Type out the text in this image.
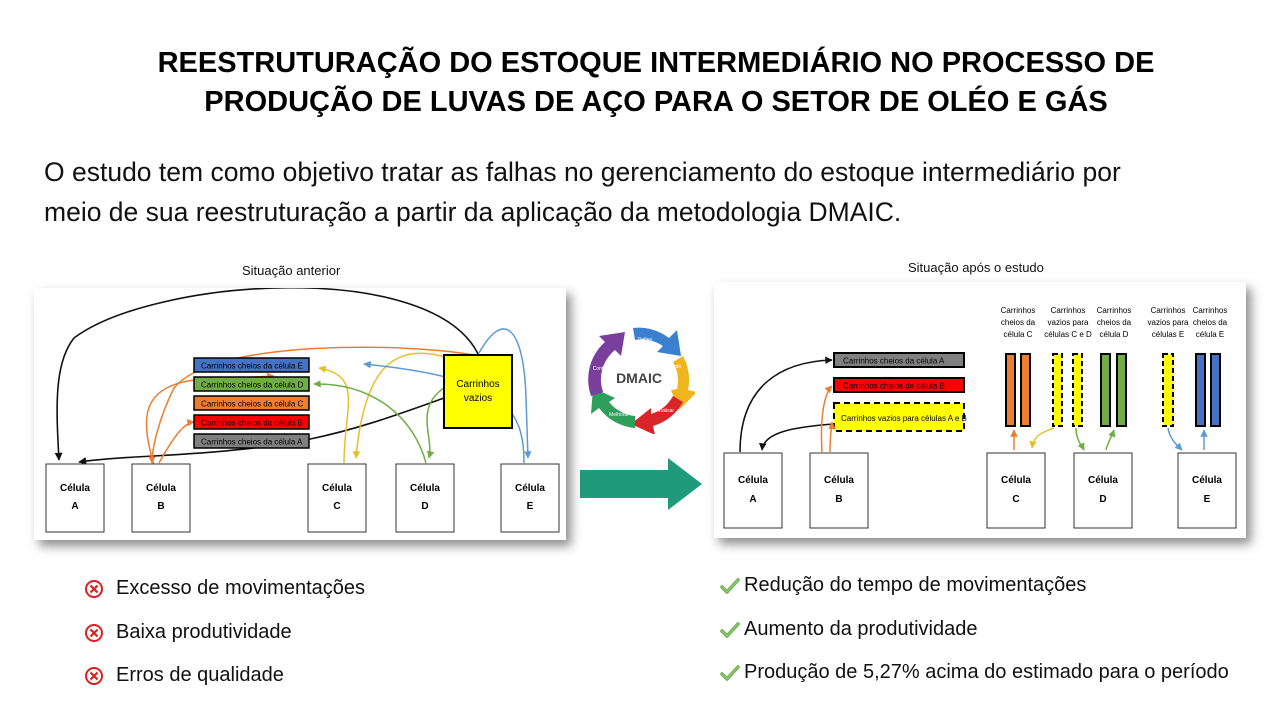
REESTRUTURAÇÃO DO ESTOQUE INTERMEDIÁRIO NO PROCESSO DE
PRODUÇÃO DE LUVAS DE AÇO PARA O SETOR DE OLÉO E GÁS
O estudo tem como objetivo tratar as falhas no gerenciamento do estoque intermediário por
meio de sua reestruturação a partir da aplicação da metodologia DMAIC.
Situação anterior	Situação após o estudo
Carrinhos cheios da célula E
Carrinhos cheios da célula D
Carrinhos cheios da célula C
Carrinhos cheios da célula B
Carrinhos cheios da célula A
Carrinhos
vazios
Célula
A
Célula
B
Célula
C
Célula
D
Célula
E
Define
Medir
Analisar
Melhorar
Controlar
DMAIC
Carrinhos cheios da célula A
Carrinhos cheios da célula B
Carrinhos vazios para células A e B
Carrinhos
cheios da
célula C
Carrinhos
vazios para
células C e D
Carrinhos
cheios da
célula D
Carrinhos
vazios para
células E
Carrinhos
cheios da
célula E
Célula
A
Célula
B
Célula
C
Célula
D
Célula
E
Excesso de movimentações
Baixa produtividade
Erros de qualidade
Redução do tempo de movimentações
Aumento da produtividade
Produção de 5,27% acima do estimado para o período
